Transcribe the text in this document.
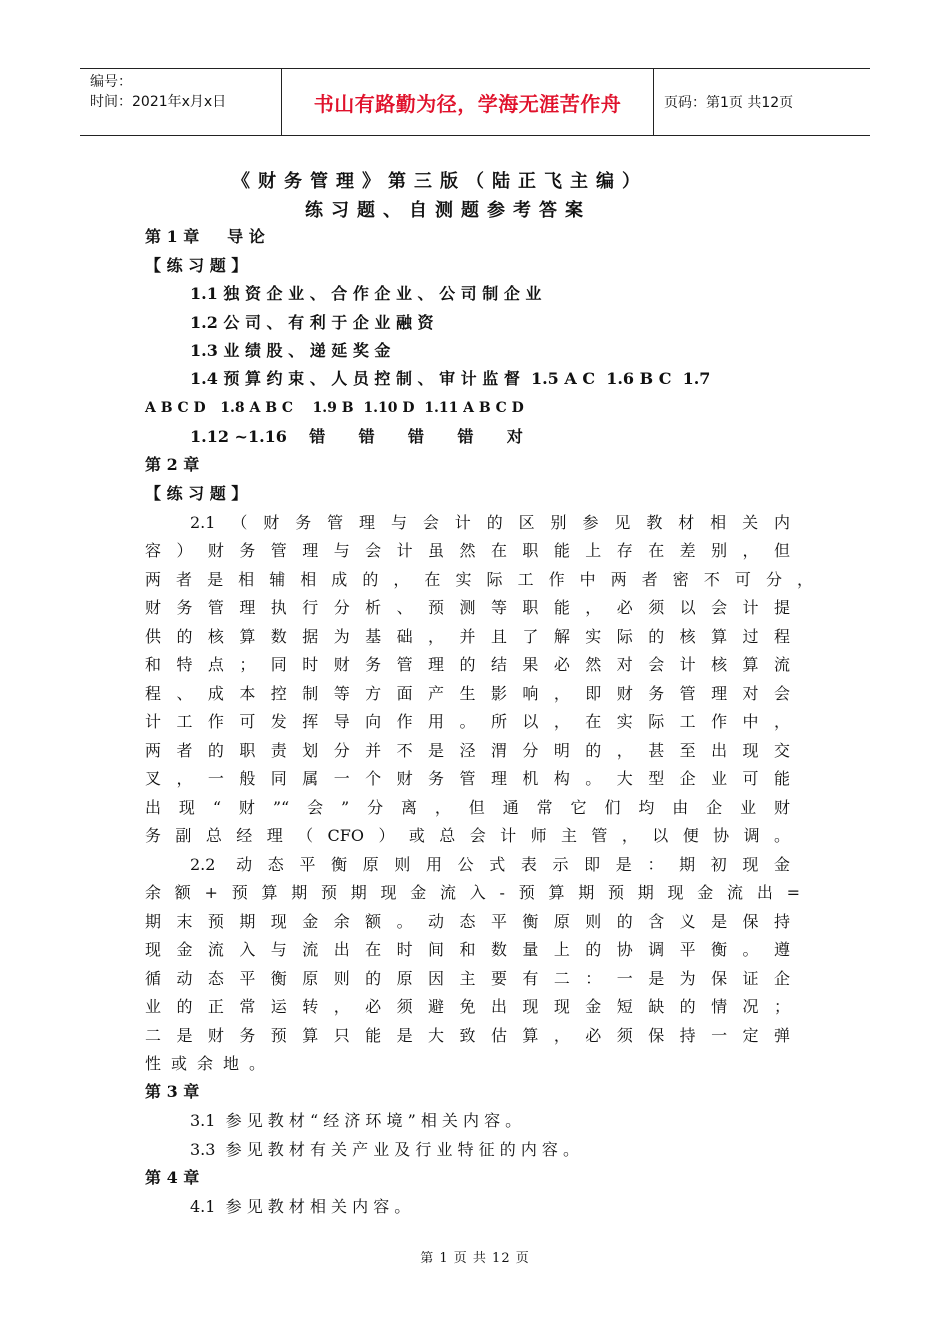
编号：
时间：2021年x月x日	书山有路勤为径，学海无涯苦作舟	页码：第1页 共12页
《财务管理》第三版（陆正飞主编）
练习题、自测题参考答案
第 1 章     导 论
【 练 习 题 】
1.1 独 资 企 业 、 合 作 企 业 、 公 司 制 企 业
1.2 公 司 、 有 利 于 企 业 融 资
1.3 业 绩 股 、 递 延 奖 金
1.4 预 算 约 束 、 人 员 控 制 、 审 计 监 督  1.5 A C  1.6 B C  1.7
A B C D   1.8 A B C    1.9 B  1.10 D  1.11 A B C D
1.12 ~1.16    错      错      错      错      对
第 2 章
【 练 习 题 】
2.1（财务管理与会计的区别参见教材相关内
容）财务管理与会计虽然在职能上存在差别，但
两者是相辅相成的，在实际工作中两者密不可分，
财务管理执行分析、预测等职能，必须以会计提
供的核算数据为基础，并且了解实际的核算过程
和特点；同时财务管理的结果必然对会计核算流
程、成本控制等方面产生影响，即财务管理对会
计工作可发挥导向作用。所以，在实际工作中，
两者的职责划分并不是泾渭分明的，甚至出现交
叉，一般同属一个财务管理机构。大型企业可能
出现“财”“会”分离，但通常它们均由企业财
务副总经理（CFO）或总会计师主管，以便协调。
2.2 动态平衡原则用公式表示即是：期初现金
余额+预算期预期现金流入-预算期预期现金流出=
期末预期现金余额。动态平衡原则的含义是保持
现金流入与流出在时间和数量上的协调平衡。遵
循动态平衡原则的原因主要有二：一是为保证企
业的正常运转，必须避免出现现金短缺的情况；
二是财务预算只能是大致估算，必须保持一定弹
性或余地。
第 3 章
3.1  参 见 教 材 “ 经 济 环 境 ” 相 关 内 容 。
3.3  参 见 教 材 有 关 产 业 及 行 业 特 征 的 内 容 。
第 4 章
4.1  参 见 教 材 相 关 内 容 。
第 1 页 共 12 页
